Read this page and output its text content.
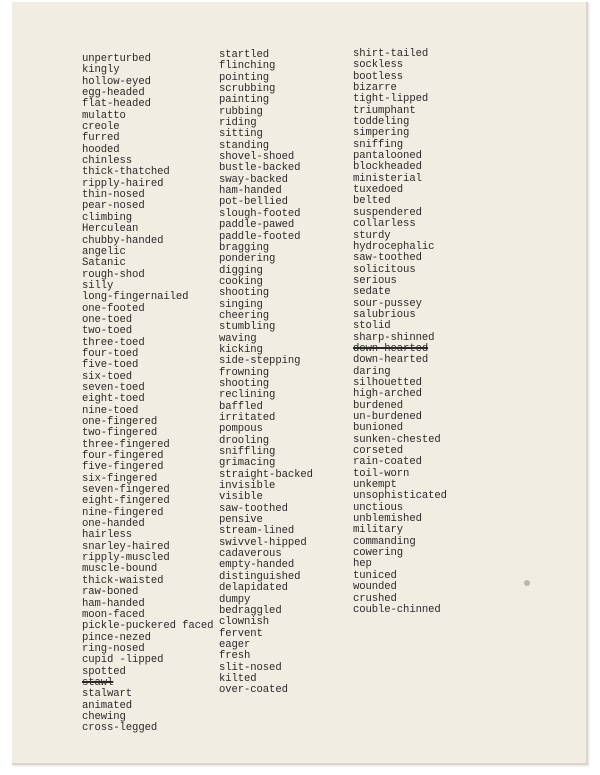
unperturbed
kingly
hollow-eyed
egg-headed
flat-headed
mulatto
creole
furred
hooded
chinless
thick-thatched
ripply-haired
thin-nosed
pear-nosed
climbing
Herculean
chubby-handed
angelic
Satanic
rough-shod
silly
long-fingernailed
one-footed
one-toed
two-toed
three-toed
four-toed
five-toed
six-toed
seven-toed
eight-toed
nine-toed
one-fingered
two-fingered
three-fingered
four-fingered
five-fingered
six-fingered
seven-fingered
eight-fingered
nine-fingered
one-handed
hairless
snarley-haired
ripply-muscled
muscle-bound
thick-waisted
raw-boned
ham-handed
moon-faced
pickle-puckered faced
pince-nezed
ring-nosed
cupid -lipped
spotted
stawl
stalwart
animated
chewing
cross-legged
startled
flinching
pointing
scrubbing
painting
rubbing
riding
sitting
standing
shovel-shoed
bustle-backed
sway-backed
ham-handed
pot-bellied
slough-footed
paddle-pawed
paddle-footed
bragging
pondering
digging
cooking
shooting
singing
cheering
stumbling
waving
kicking
side-stepping
frowning
shooting
reclining
baffled
irritated
pompous
drooling
sniffling
grimacing
straight-backed
invisible
visible
saw-toothed
pensive
stream-lined
swivvel-hipped
cadaverous
empty-handed
distinguished
delapidated
dumpy
bedraggled
clownish
fervent
eager
fresh
slit-nosed
kilted
over-coated
shirt-tailed
sockless
bootless
bizarre
tight-lipped
triumphant
toddeling
simpering
sniffing
pantalooned
blockheaded
ministerial
tuxedoed
belted
suspendered
collarless
sturdy
hydrocephalic
saw-toothed
solicitous
serious
sedate
sour-pussey
salubrious
stolid
sharp-shinned
down-hearted
down-hearted
daring
silhouetted
high-arched
burdened
un-burdened
bunioned
sunken-chested
corseted
rain-coated
toil-worn
unkempt
unsophisticated
unctious
unblemished
military
commanding
cowering
hep
tuniced
wounded
crushed
couble-chinned
